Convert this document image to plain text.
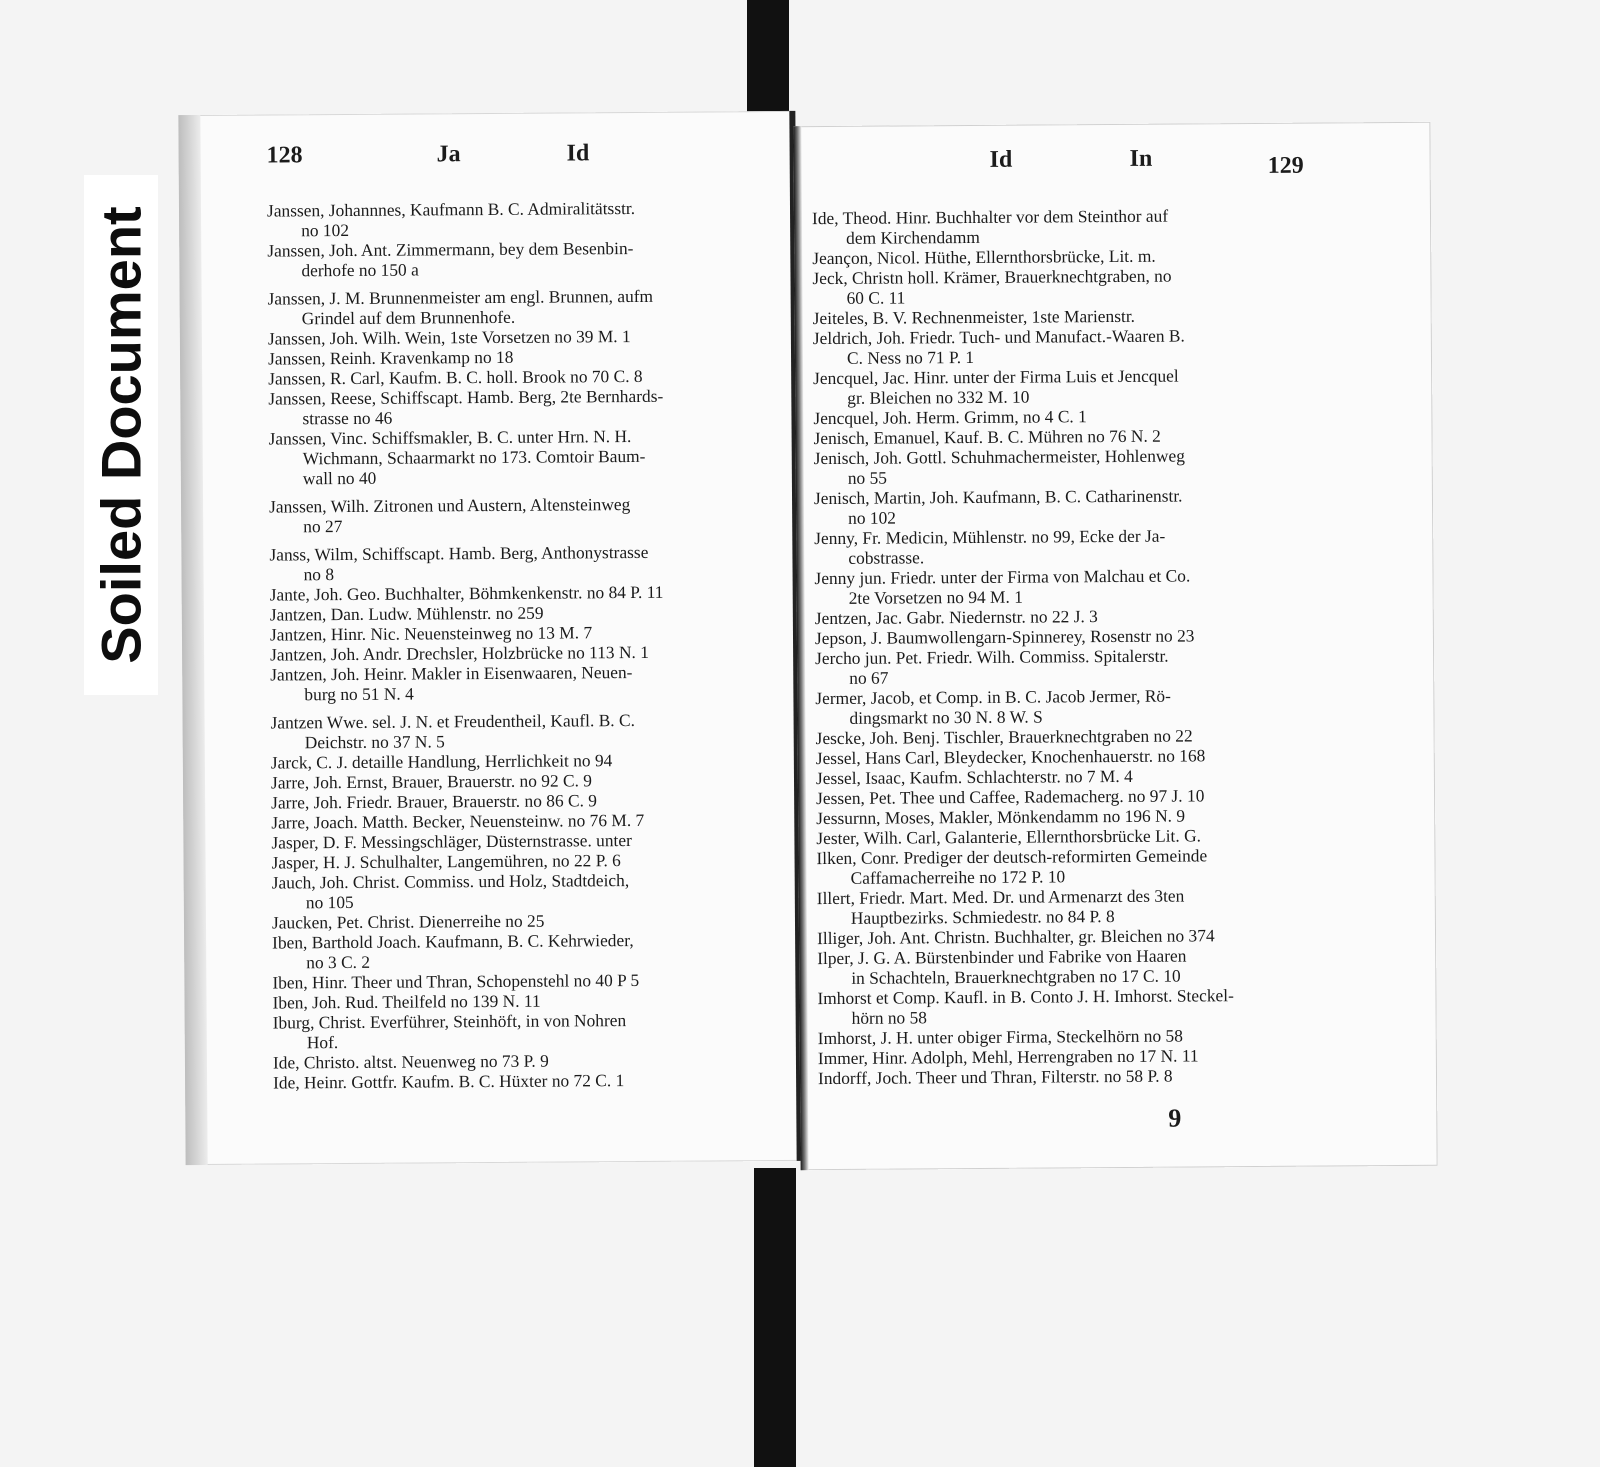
Soiled Document
128	Ja	Id
Janssen, Johannnes, Kaufmann B. C. Admiralitätsstr.
no 102
Janssen, Joh. Ant. Zimmermann, bey dem Besenbin-
derhofe no 150 a
Janssen, J. M. Brunnenmeister am engl. Brunnen, aufm
Grindel auf dem Brunnenhofe.
Janssen, Joh. Wilh. Wein, 1ste Vorsetzen no 39 M. 1
Janssen, Reinh. Kravenkamp no 18
Janssen, R. Carl, Kaufm. B. C. holl. Brook no 70 C. 8
Janssen, Reese, Schiffscapt. Hamb. Berg, 2te Bernhards-
strasse no 46
Janssen, Vinc. Schiffsmakler, B. C. unter Hrn. N. H.
Wichmann, Schaarmarkt no 173. Comtoir Baum-
wall no 40
Janssen, Wilh. Zitronen und Austern, Altensteinweg
no 27
Janss, Wilm, Schiffscapt. Hamb. Berg, Anthonystrasse
no 8
Jante, Joh. Geo. Buchhalter, Böhmkenkenstr. no 84 P. 11
Jantzen, Dan. Ludw. Mühlenstr. no 259
Jantzen, Hinr. Nic. Neuensteinweg no 13 M. 7
Jantzen, Joh. Andr. Drechsler, Holzbrücke no 113 N. 1
Jantzen, Joh. Heinr. Makler in Eisenwaaren, Neuen-
burg no 51 N. 4
Jantzen Wwe. sel. J. N. et Freudentheil, Kaufl. B. C.
Deichstr. no 37 N. 5
Jarck, C. J. detaille Handlung, Herrlichkeit no 94
Jarre, Joh. Ernst, Brauer, Brauerstr. no 92 C. 9
Jarre, Joh. Friedr. Brauer, Brauerstr. no 86 C. 9
Jarre, Joach. Matth. Becker, Neuensteinw. no 76 M. 7
Jasper, D. F. Messingschläger, Düsternstrasse. unter
Jasper, H. J. Schulhalter, Langemühren, no 22 P. 6
Jauch, Joh. Christ. Commiss. und Holz, Stadtdeich,
no 105
Jaucken, Pet. Christ. Dienerreihe no 25
Iben, Barthold Joach. Kaufmann, B. C. Kehrwieder,
no 3 C. 2
Iben, Hinr. Theer und Thran, Schopenstehl no 40 P 5
Iben, Joh. Rud. Theilfeld no 139 N. 11
Iburg, Christ. Everführer, Steinhöft, in von Nohren
Hof.
Ide, Christo. altst. Neuenweg no 73 P. 9
Ide, Heinr. Gottfr. Kaufm. B. C. Hüxter no 72 C. 1
Id	In	129
Ide, Theod. Hinr. Buchhalter vor dem Steinthor auf
dem Kirchendamm
Jeançon, Nicol. Hüthe, Ellernthorsbrücke, Lit. m.
Jeck, Christn holl. Krämer, Brauerknechtgraben, no
60 C. 11
Jeiteles, B. V. Rechnenmeister, 1ste Marienstr.
Jeldrich, Joh. Friedr. Tuch- und Manufact.-Waaren B.
C. Ness no 71 P. 1
Jencquel, Jac. Hinr. unter der Firma Luis et Jencquel
gr. Bleichen no 332 M. 10
Jencquel, Joh. Herm. Grimm, no 4 C. 1
Jenisch, Emanuel, Kauf. B. C. Mühren no 76 N. 2
Jenisch, Joh. Gottl. Schuhmachermeister, Hohlenweg
no 55
Jenisch, Martin, Joh. Kaufmann, B. C. Catharinenstr.
no 102
Jenny, Fr. Medicin, Mühlenstr. no 99, Ecke der Ja-
cobstrasse.
Jenny jun. Friedr. unter der Firma von Malchau et Co.
2te Vorsetzen no 94 M. 1
Jentzen, Jac. Gabr. Niedernstr. no 22 J. 3
Jepson, J. Baumwollengarn-Spinnerey, Rosenstr no 23
Jercho jun. Pet. Friedr. Wilh. Commiss. Spitalerstr.
no 67
Jermer, Jacob, et Comp. in B. C. Jacob Jermer, Rö-
dingsmarkt no 30 N. 8 W. S
Jescke, Joh. Benj. Tischler, Brauerknechtgraben no 22
Jessel, Hans Carl, Bleydecker, Knochenhauerstr. no 168
Jessel, Isaac, Kaufm. Schlachterstr. no 7 M. 4
Jessen, Pet. Thee und Caffee, Rademacherg. no 97 J. 10
Jessurnn, Moses, Makler, Mönkendamm no 196 N. 9
Jester, Wilh. Carl, Galanterie, Ellernthorsbrücke Lit. G.
Ilken, Conr. Prediger der deutsch-reformirten Gemeinde
Caffamacherreihe no 172 P. 10
Illert, Friedr. Mart. Med. Dr. und Armenarzt des 3ten
Hauptbezirks. Schmiedestr. no 84 P. 8
Illiger, Joh. Ant. Christn. Buchhalter, gr. Bleichen no 374
Ilper, J. G. A. Bürstenbinder und Fabrike von Haaren
in Schachteln, Brauerknechtgraben no 17 C. 10
Imhorst et Comp. Kaufl. in B. Conto J. H. Imhorst. Steckel-
hörn no 58
Imhorst, J. H. unter obiger Firma, Steckelhörn no 58
Immer, Hinr. Adolph, Mehl, Herrengraben no 17 N. 11
Indorff, Joch. Theer und Thran, Filterstr. no 58 P. 8
9
